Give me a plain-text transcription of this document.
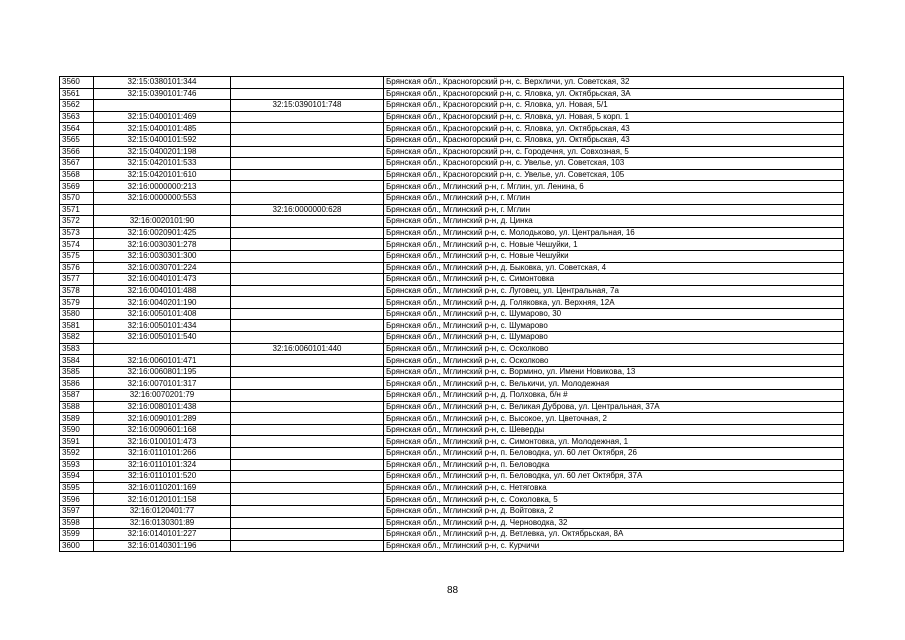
3560	32:15:0380101:344		Брянская обл., Красногорский р-н, с. Верхличи, ул. Советская, 32
3561	32:15:0390101:746		Брянская обл., Красногорский р-н, с. Яловка, ул. Октябрьская, 3А
3562		32:15:0390101:748	Брянская обл., Красногорский р-н, с. Яловка, ул. Новая, 5/1
3563	32:15:0400101:469		Брянская обл., Красногорский р-н, с. Яловка, ул. Новая, 5 корп. 1
3564	32:15:0400101:485		Брянская обл., Красногорский р-н, с. Яловка, ул. Октябрьская, 43
3565	32:15:0400101:592		Брянская обл., Красногорский р-н, с. Яловка, ул. Октябрьская, 43
3566	32:15:0400201:198		Брянская обл., Красногорский р-н, с. Городечня, ул. Совхозная, 5
3567	32:15:0420101:533		Брянская обл., Красногорский р-н, с. Увелье, ул. Советская, 103
3568	32:15:0420101:610		Брянская обл., Красногорский р-н, с. Увелье, ул. Советская, 105
3569	32:16:0000000:213		Брянская обл., Мглинский р-н, г. Мглин, ул. Ленина, 6
3570	32:16:0000000:553		Брянская обл., Мглинский р-н, г. Мглин
3571		32:16:0000000:628	Брянская обл., Мглинский р-н, г. Мглин
3572	32:16:0020101:90		Брянская обл., Мглинский р-н, д. Цинка
3573	32:16:0020901:425		Брянская обл., Мглинский р-н, с. Молодьково, ул. Центральная, 16
3574	32:16:0030301:278		Брянская обл., Мглинский р-н, с. Новые Чешуйки, 1
3575	32:16:0030301:300		Брянская обл., Мглинский р-н, с. Новые Чешуйки
3576	32:16:0030701:224		Брянская обл., Мглинский р-н, д. Быковка, ул. Советская, 4
3577	32:16:0040101:473		Брянская обл., Мглинский р-н, с. Симонтовка
3578	32:16:0040101:488		Брянская обл., Мглинский р-н, с. Луговец, ул. Центральная, 7а
3579	32:16:0040201:190		Брянская обл., Мглинский р-н, д. Голяковка, ул. Верхняя, 12А
3580	32:16:0050101:408		Брянская обл., Мглинский р-н, с. Шумарово, 30
3581	32:16:0050101:434		Брянская обл., Мглинский р-н, с. Шумарово
3582	32:16:0050101:540		Брянская обл., Мглинский р-н, с. Шумарово
3583		32:16:0060101:440	Брянская обл., Мглинский р-н, с. Осколково
3584	32:16:0060101:471		Брянская обл., Мглинский р-н, с. Осколково
3585	32:16:0060801:195		Брянская обл., Мглинский р-н, с. Вормино, ул. Имени Новикова, 13
3586	32:16:0070101:317		Брянская обл., Мглинский р-н, с. Велькичи, ул. Молодежная
3587	32:16:0070201:79		Брянская обл., Мглинский р-н, д. Полховка, б/н #
3588	32:16:0080101:438		Брянская обл., Мглинский р-н, с. Великая Дуброва, ул. Центральная, 37А
3589	32:16:0090101:289		Брянская обл., Мглинский р-н, с. Высокое, ул. Цветочная, 2
3590	32:16:0090601:168		Брянская обл., Мглинский р-н, с. Шеверды
3591	32:16:0100101:473		Брянская обл., Мглинский р-н, с. Симонтовка, ул. Молодежная, 1
3592	32:16:0110101:266		Брянская обл., Мглинский р-н, п. Беловодка, ул. 60 лет Октября, 26
3593	32:16:0110101:324		Брянская обл., Мглинский р-н, п. Беловодка
3594	32:16:0110101:520		Брянская обл., Мглинский р-н, п. Беловодка, ул. 60 лет Октября, 37А
3595	32:16:0110201:169		Брянская обл., Мглинский р-н, с. Нетяговка
3596	32:16:0120101:158		Брянская обл., Мглинский р-н, с. Соколовка, 5
3597	32:16:0120401:77		Брянская обл., Мглинский р-н, д. Войтовка, 2
3598	32:16:0130301:89		Брянская обл., Мглинский р-н, д. Черноводка, 32
3599	32:16:0140101:227		Брянская обл., Мглинский р-н, д. Ветлевка, ул. Октябрьская, 8А
3600	32:16:0140301:196		Брянская обл., Мглинский р-н, с. Курчичи
88
